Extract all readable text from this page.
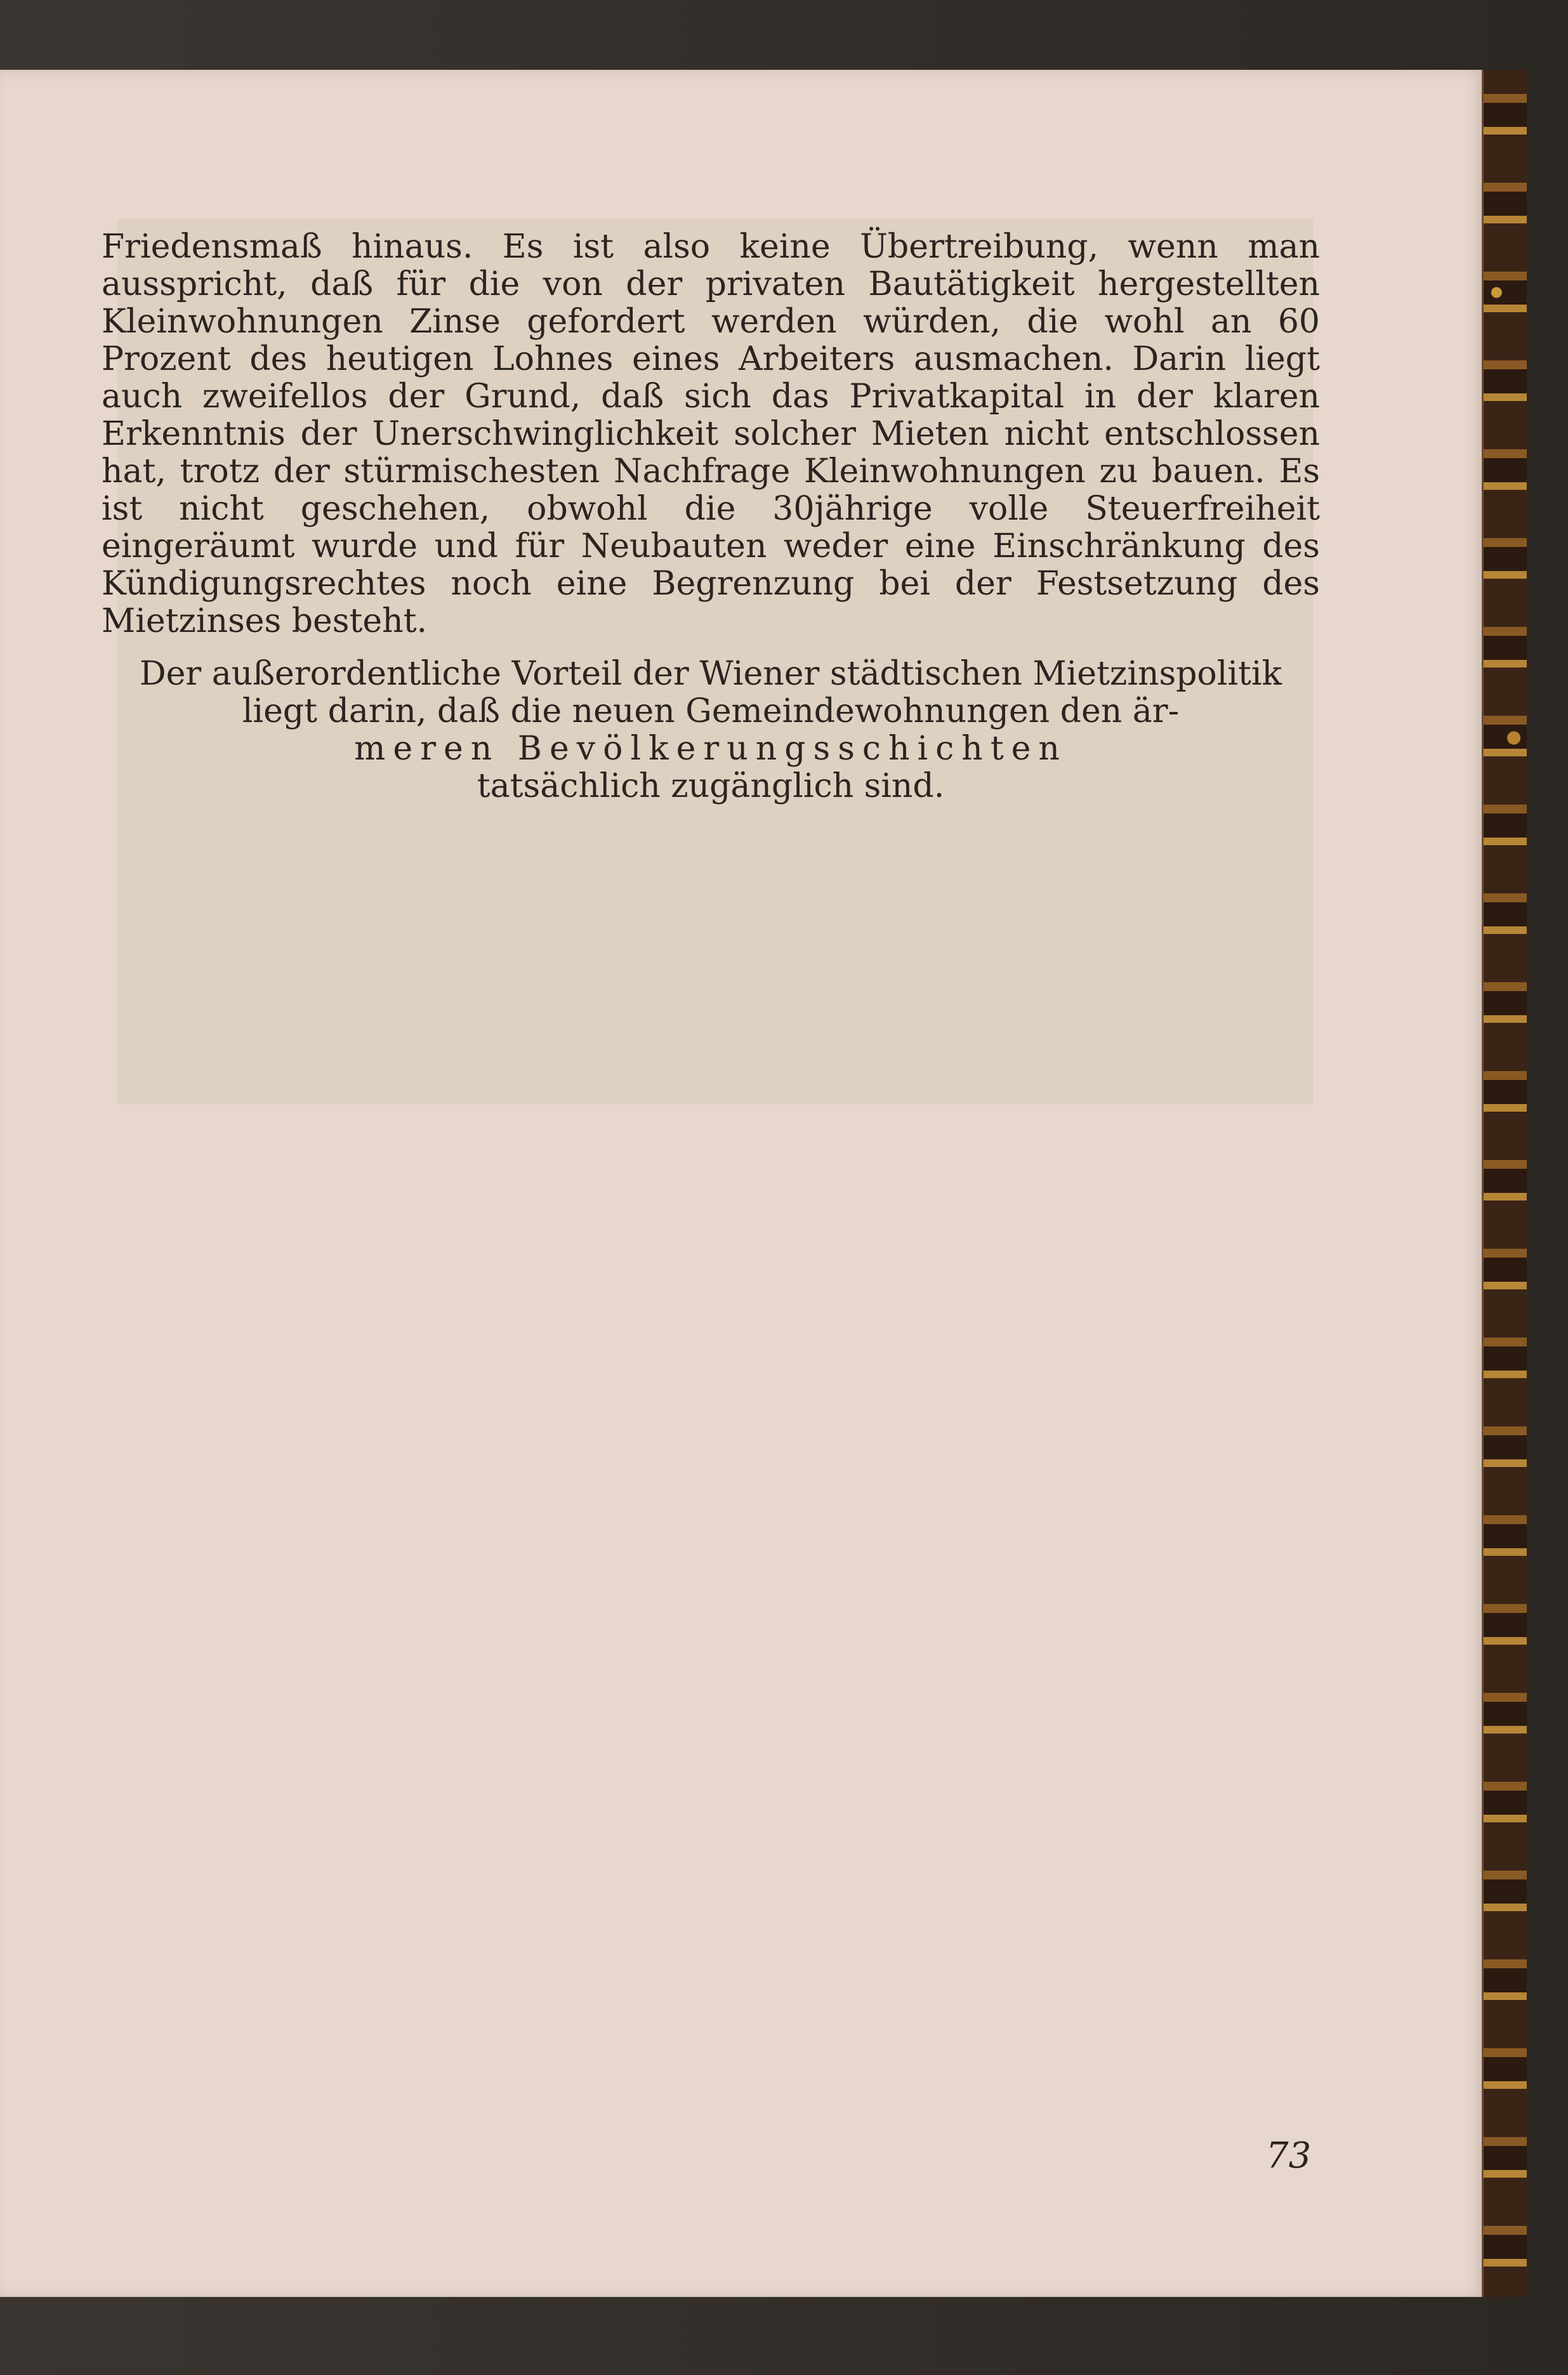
Friedensmaß hinaus. Es ist also keine Übertreibung, wenn man ausspricht, daß für die von der privaten Bautätigkeit hergestellten Kleinwohnungen Zinse gefordert werden würden, die wohl an 60 Prozent des heutigen Lohnes eines Arbeiters ausmachen. Darin liegt auch zweifellos der Grund, daß sich das Privatkapital in der klaren Erkenntnis der Unerschwinglichkeit solcher Mieten nicht entschlossen hat, trotz der stürmischesten Nachfrage Kleinwohnungen zu bauen. Es ist nicht geschehen, obwohl die 30jährige volle Steuerfreiheit eingeräumt wurde und für Neubauten weder eine Einschränkung des Kündigungsrechtes noch eine Begrenzung bei der Festsetzung des Mietzinses besteht.

Der außerordentliche Vorteil der Wiener städtischen Mietzinspolitik
liegt darin, daß die neuen Gemeindewohnungen den är-
meren Bevölkerungsschichten
tatsächlich zugänglich sind.
73
